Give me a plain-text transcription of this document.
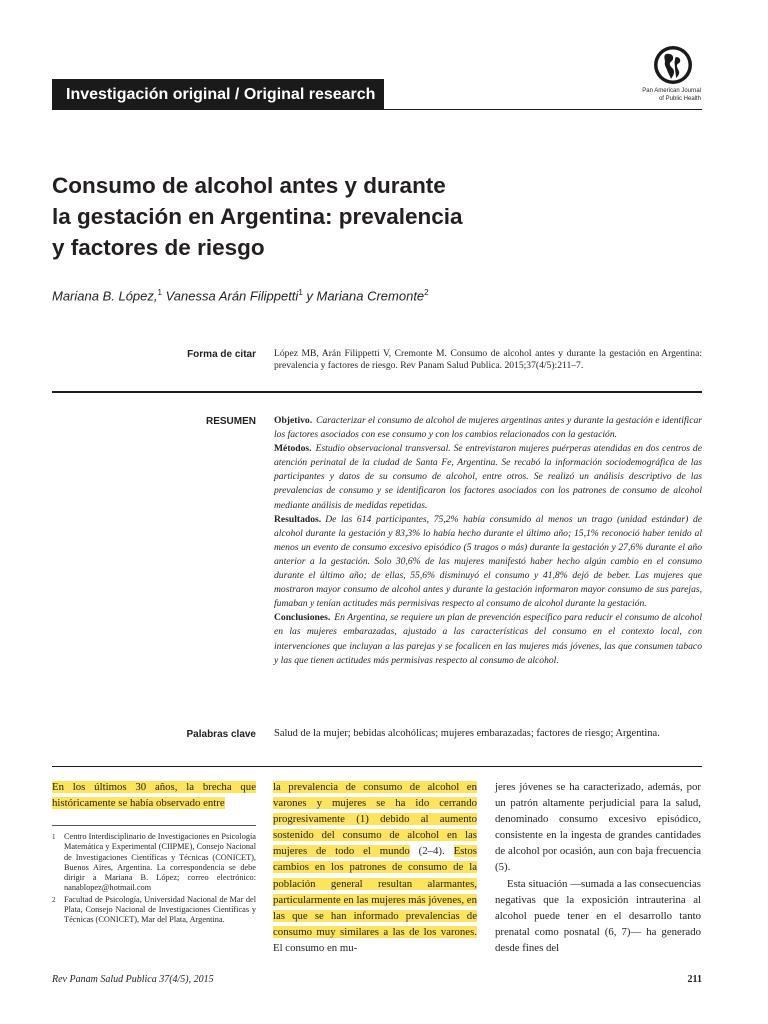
Investigación original / Original research	Pan American Journal
of Public Health
Consumo de alcohol antes y durante
la gestación en Argentina: prevalencia
y factores de riesgo
Mariana B. López,$^1$ Vanessa Arán Filippetti$^1$ y Mariana Cremonte$^2$
Forma de citar López MB, Arán Filippetti V, Cremonte M. Consumo de alcohol antes y durante la gestación en Argentina: prevalencia y factores de riesgo. Rev Panam Salud Publica. 2015;37(4/5):211–7.
RESUMEN Objetivo. Caracterizar el consumo de alcohol de mujeres argentinas antes y durante la gestación e identificar los factores asociados con ese consumo y con los cambios relacionados con la gestación.

Métodos. Estudio observacional transversal. Se entrevistaron mujeres puérperas atendidas en dos centros de atención perinatal de la ciudad de Santa Fe, Argentina. Se recabó la información sociodemográfica de las participantes y datos de su consumo de alcohol, entre otros. Se realizó un análisis descriptivo de las prevalencias de consumo y se identificaron los factores asociados con los patrones de consumo de alcohol mediante análisis de medidas repetidas.

Resultados. De las 614 participantes, 75,2% había consumido al menos un trago (unidad estándar) de alcohol durante la gestación y 83,3% lo había hecho durante el último año; 15,1% reconoció haber tenido al menos un evento de consumo excesivo episódico (5 tragos o más) durante la gestación y 27,6% durante el año anterior a la gestación. Solo 30,6% de las mujeres manifestó haber hecho algún cambio en el consumo durante el último año; de ellas, 55,6% disminuyó el consumo y 41,8% dejó de beber. Las mujeres que mostraron mayor consumo de alcohol antes y durante la gestación informaron mayor consumo de sus parejas, fumaban y tenían actitudes más permisivas respecto al consumo de alcohol durante la gestación.

Conclusiones. En Argentina, se requiere un plan de prevención específico para reducir el consumo de alcohol en las mujeres embarazadas, ajustado a las características del consumo en el contexto local, con intervenciones que incluyan a las parejas y se focalicen en las mujeres más jóvenes, las que consumen tabaco y las que tienen actitudes más permisivas respecto al consumo de alcohol.

Palabras clave Salud de la mujer; bebidas alcohólicas; mujeres embarazadas; factores de riesgo; Argentina.

En los últimos 30 años, la brecha que históricamente se había observado entre

1	Centro Interdisciplinario de Investigaciones en Psicología Matemática y Experimental (CIIPME), Consejo Nacional de Investigaciones Científicas y Técnicas (CONICET), Buenos Aires, Argentina. La correspondencia se debe dirigir a Mariana B. López; correo electrónico: nanablopez@hotmail.com
2	Facultad de Psicología, Universidad Nacional de Mar del Plata, Consejo Nacional de Investigaciones Científicas y Técnicas (CONICET), Mar del Plata, Argentina.

la prevalencia de consumo de alcohol en varones y mujeres se ha ido cerrando progresivamente (1) debido al aumento sostenido del consumo de alcohol en las mujeres de todo el mundo (2–4). Estos cambios en los patrones de consumo de la población general resultan alarmantes, particularmente en las mujeres más jóvenes, en las que se han informado prevalencias de consumo muy similares a las de los varones. El consumo en mu-

jeres jóvenes se ha caracterizado, además, por un patrón altamente perjudicial para la salud, denominado consumo excesivo episódico, consistente en la ingesta de grandes cantidades de alcohol por ocasión, aun con baja frecuencia (5).

Esta situación —sumada a las consecuencias negativas que la exposición intrauterina al alcohol puede tener en el desarrollo tanto prenatal como posnatal (6, 7)— ha generado desde fines del

Rev Panam Salud Publica 37(4/5), 2015	211
